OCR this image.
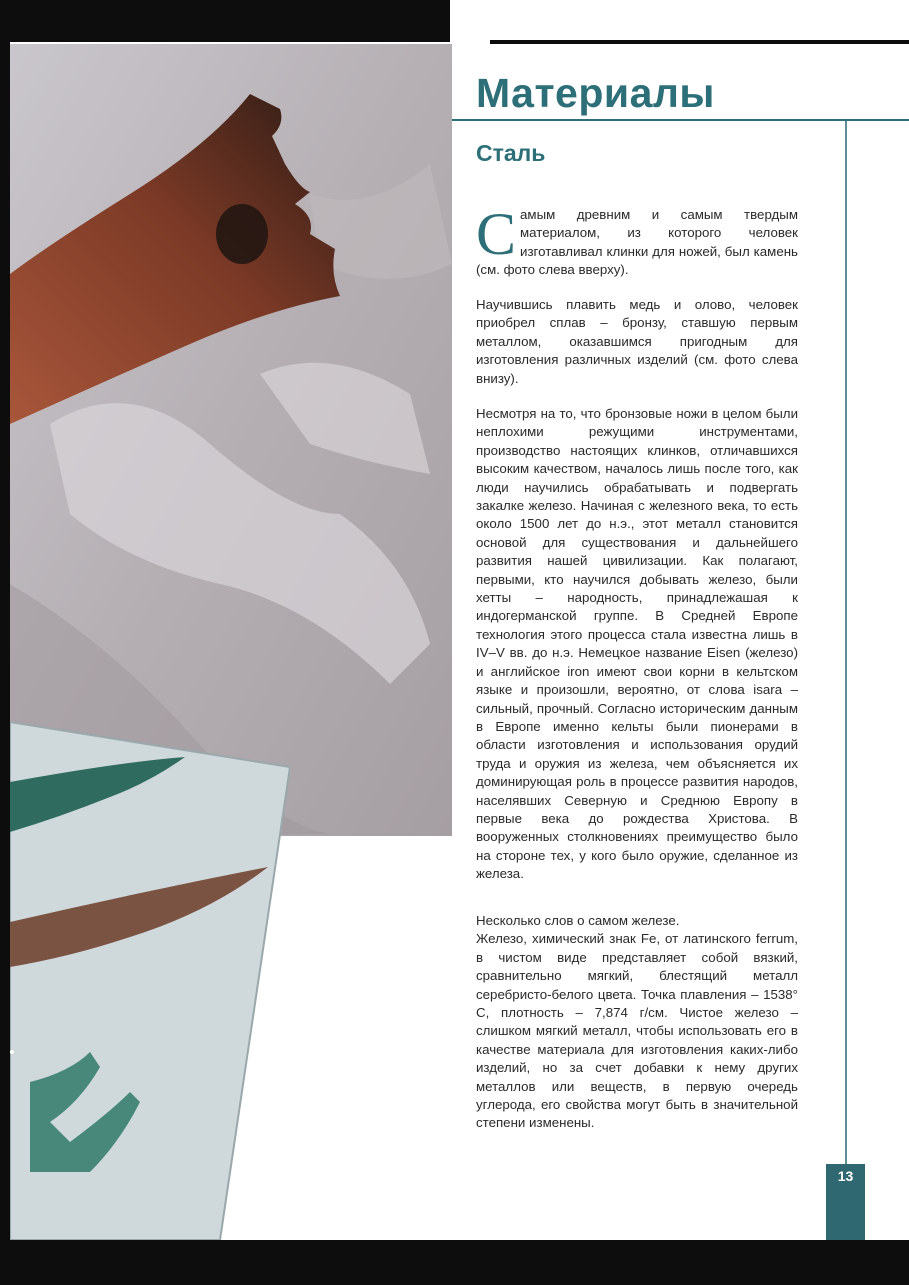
Материалы
Сталь
С амым древним и самым твердым материалом, из которого человек изготавливал клинки для ножей, был камень (см. фото слева вверху).

Научившись плавить медь и олово, человек приобрел сплав – бронзу, ставшую первым металлом, оказавшимся пригодным для изготовления различных изделий (см. фото слева внизу).

Несмотря на то, что бронзовые ножи в целом были неплохими режущими инструментами, производство настоящих клинков, отличавшихся высоким качеством, началось лишь после того, как люди научились обрабатывать и подвергать закалке железо. Начиная с железного века, то есть около 1500 лет до н.э., этот металл становится основой для существования и дальнейшего развития нашей цивилизации. Как полагают, первыми, кто научился добывать железо, были хетты – народность, принадлежашая к индогерманской группе. В Средней Европе технология этого процесса стала известна лишь в IV–V вв. до н.э. Немецкое название Eisen (железо) и английское iron имеют свои корни в кельтском языке и произошли, вероятно, от слова isara – сильный, прочный. Согласно историческим данным в Европе именно кельты были пионерами в области изготовления и использования орудий труда и оружия из железа, чем объясняется их доминирующая роль в процессе развития народов, населявших Северную и Среднюю Европу в первые века до рождества Христова. В вооруженных столкновениях преимущество было на стороне тех, у кого было оружие, сделанное из железа.

Несколько слов о самом железе.

Железо, химический знак Fe, от латинского ferrum, в чистом виде представляет собой вязкий, сравнительно мягкий, блестящий металл серебристо-белого цвета. Точка плавления – 1538° С, плотность – 7,874 г/см. Чистое железо – слишком мягкий металл, чтобы использовать его в качестве материала для изготовления каких-либо изделий, но за счет добавки к нему других металлов или веществ, в первую очередь углерода, его свойства могут быть в значительной степени изменены.

13
